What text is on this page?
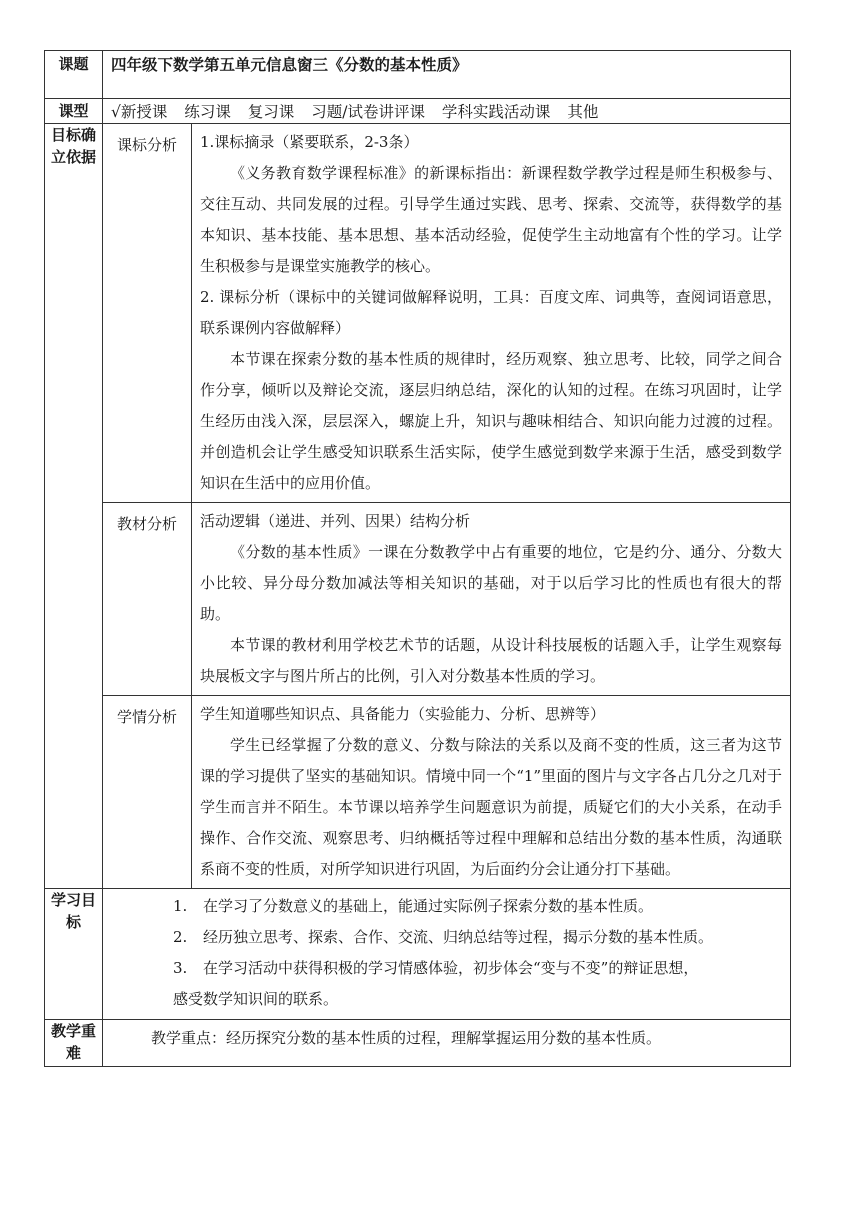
课题	四年级下数学第五单元信息窗三《分数的基本性质》	
课型	√新授课 练习课 复习课 习题/试卷讲评课 学科实践活动课 其他	
目标确立依据	课标分析	1.课标摘录（紧要联系，2-3条）

《义务教育数学课程标准》的新课标指出：新课程数学教学过程是师生积极参与、交往互动、共同发展的过程。引导学生通过实践、思考、探索、交流等，获得数学的基本知识、基本技能、基本思想、基本活动经验，促使学生主动地富有个性的学习。让学生积极参与是课堂实施教学的核心。

2. 课标分析（课标中的关键词做解释说明，工具：百度文库、词典等，查阅词语意思，联系课例内容做解释）

本节课在探索分数的基本性质的规律时，经历观察、独立思考、比较，同学之间合作分享，倾听以及辩论交流，逐层归纳总结，深化的认知的过程。在练习巩固时，让学生经历由浅入深，层层深入，螺旋上升，知识与趣味相结合、知识向能力过渡的过程。并创造机会让学生感受知识联系生活实际，使学生感觉到数学来源于生活，感受到数学知识在生活中的应用价值。

	教材分析	活动逻辑（递进、并列、因果）结构分析

《分数的基本性质》一课在分数教学中占有重要的地位，它是约分、通分、分数大小比较、异分母分数加减法等相关知识的基础，对于以后学习比的性质也有很大的帮助。

本节课的教材利用学校艺术节的话题，从设计科技展板的话题入手，让学生观察每块展板文字与图片所占的比例，引入对分数基本性质的学习。

	学情分析	学生知道哪些知识点、具备能力（实验能力、分析、思辨等）

学生已经掌握了分数的意义、分数与除法的关系以及商不变的性质，这三者为这节课的学习提供了坚实的基础知识。情境中同一个“1”里面的图片与文字各占几分之几对于学生而言并不陌生。本节课以培养学生问题意识为前提，质疑它们的大小关系，在动手操作、合作交流、观察思考、归纳概括等过程中理解和总结出分数的基本性质，沟通联系商不变的性质，对所学知识进行巩固，为后面约分会让通分打下基础。

学习目标	1. 在学习了分数意义的基础上，能通过实际例子探索分数的基本性质。

2. 经历独立思考、探索、合作、交流、归纳总结等过程，揭示分数的基本性质。

3. 在学习活动中获得积极的学习情感体验，初步体会“变与不变”的辩证思想，

感受数学知识间的联系。	

教学重难	教学重点：经历探究分数的基本性质的过程，理解掌握运用分数的基本性质。	
